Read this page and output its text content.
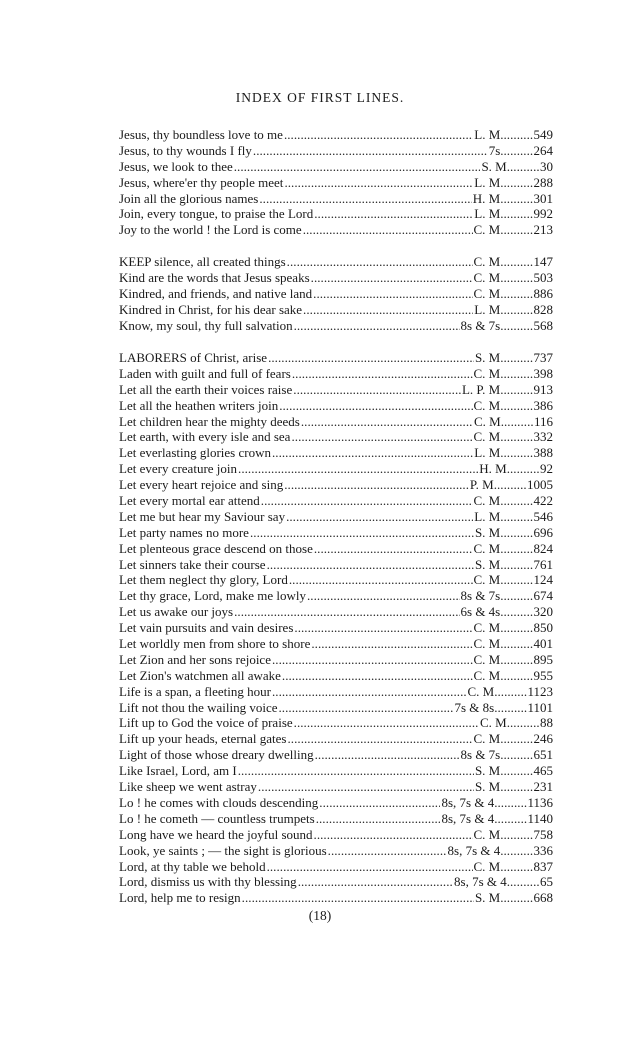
INDEX OF FIRST LINES.
Jesus, thy boundless love to me . . .	L. M. . . . 549
Jesus, to thy wounds I fly . . .	7s. . . . 264
Jesus, we look to thee . . .	S. M. . . . 30
Jesus, where'er thy people meet . . .	L. M. . . . 288
Join all the glorious names . . .	H. M. . . . 301
Join, every tongue, to praise the Lord . . .	L. M. . . . 992
Joy to the world ! the Lord is come . . .	C. M. . . . 213
KEEP silence, all created things . . .	C. M. . . . 147
Kind are the words that Jesus speaks . . .	C. M. . . . 503
Kindred, and friends, and native land . . .	C. M. . . . 886
Kindred in Christ, for his dear sake . . .	L. M. . . . 828
Know, my soul, thy full salvation . . .	8s & 7s. . . . 568
LABORERS of Christ, arise . . .	S. M. . . . 737
Laden with guilt and full of fears . . .	C. M. . . . 398
Let all the earth their voices raise . . .	L. P. M. . . . 913
Let all the heathen writers join . . .	C. M. . . . 386
Let children hear the mighty deeds . . .	C. M. . . . 116
Let earth, with every isle and sea . . .	C. M. . . . 332
Let everlasting glories crown . . .	L. M. . . . 388
Let every creature join . . .	H. M. . . . 92
Let every heart rejoice and sing . . .	P. M. . . . 1005
Let every mortal ear attend . . .	C. M. . . . 422
Let me but hear my Saviour say . . .	L. M. . . . 546
Let party names no more . . .	S. M. . . . 696
Let plenteous grace descend on those . . .	C. M. . . . 824
Let sinners take their course . . .	S. M. . . . 761
Let them neglect thy glory, Lord . . .	C. M. . . . 124
Let thy grace, Lord, make me lowly . . .	8s & 7s. . . . 674
Let us awake our joys . . .	6s & 4s. . . . 320
Let vain pursuits and vain desires . . .	C. M. . . . 850
Let worldly men from shore to shore . . .	C. M. . . . 401
Let Zion and her sons rejoice . . .	C. M. . . . 895
Let Zion's watchmen all awake . . .	C. M. . . . 955
Life is a span, a fleeting hour . . .	C. M. . . . 1123
Lift not thou the wailing voice . . .	7s & 8s. . . . 1101
Lift up to God the voice of praise . . .	C. M. . . . 88
Lift up your heads, eternal gates . . .	C. M. . . . 246
Light of those whose dreary dwelling . . .	8s & 7s. . . . 651
Like Israel, Lord, am I . . .	S. M. . . . 465
Like sheep we went astray . . .	S. M. . . . 231
Lo ! he comes with clouds descending . . .	8s, 7s & 4. . . . 1136
Lo ! he cometh — countless trumpets . . .	8s, 7s & 4. . . . 1140
Long have we heard the joyful sound . . .	C. M. . . . 758
Look, ye saints ; — the sight is glorious . . .	8s, 7s & 4. . . . 336
Lord, at thy table we behold . . .	C. M. . . . 837
Lord, dismiss us with thy blessing . . .	8s, 7s & 4. . . . 65
Lord, help me to resign . . .	S. M. . . . 668
(18)
